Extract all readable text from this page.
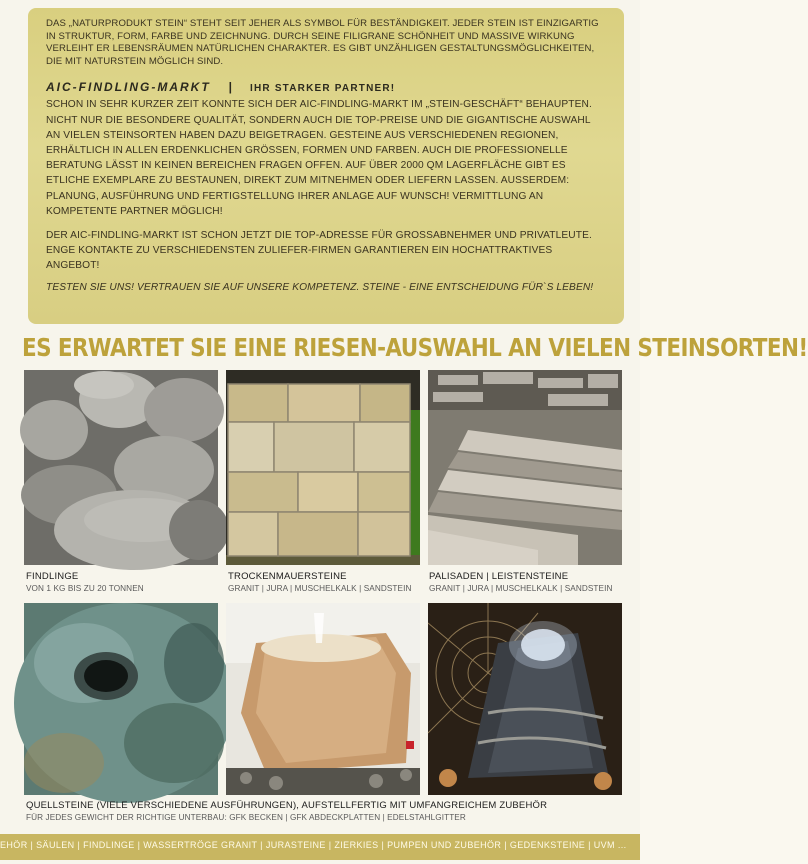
DAS „NATURPRODUKT STEIN“ STEHT SEIT JEHER ALS SYMBOL FÜR BESTÄNDIGKEIT. JEDER STEIN IST EINZIGARTIG IN STRUKTUR, FORM, FARBE UND ZEICHNUNG. DURCH SEINE FILIGRANE SCHÖNHEIT UND MASSIVE WIRKUNG VERLEIHT ER LEBENSRÄUMEN NATÜRLICHEN CHARAKTER. ES GIBT UNZÄHLIGEN GESTALTUNGSMÖGLICHKEITEN, DIE MIT NATURSTEIN MÖGLICH SIND.

AIC-FINDLING-MARKT | IHR STARKER PARTNER!

SCHON IN SEHR KURZER ZEIT KONNTE SICH DER AIC-FINDLING-MARKT IM „STEIN-GESCHÄFT“ BEHAUPTEN. NICHT NUR DIE BESONDERE QUALITÄT, SONDERN AUCH DIE TOP-PREISE UND DIE GIGANTISCHE AUSWAHL AN VIELEN STEINSORTEN HABEN DAZU BEIGETRAGEN. GESTEINE AUS VERSCHIEDENEN REGIONEN, ERHÄLTLICH IN ALLEN ERDENKLICHEN GRÖSSEN, FORMEN UND FARBEN. AUCH DIE PROFESSIONELLE BERATUNG LÄSST IN KEINEN BEREICHEN FRAGEN OFFEN. AUF ÜBER 2000 QM LAGERFLÄCHE GIBT ES ETLICHE EXEMPLARE ZU BESTAUNEN, DIREKT ZUM MITNEHMEN ODER LIEFERN LASSEN. AUSSERDEM: PLANUNG, AUSFÜHRUNG UND FERTIGSTELLUNG IHRER ANLAGE AUF WUNSCH! VERMITTLUNG AN KOMPETENTE PARTNER MÖGLICH!

DER AIC-FINDLING-MARKT IST SCHON JETZT DIE TOP-ADRESSE FÜR GROSSABNEHMER UND PRIVATLEUTE. ENGE KONTAKTE ZU VERSCHIEDENSTEN ZULIEFER-FIRMEN GARANTIEREN EIN HOCHATTRAKTIVES ANGEBOT!

TESTEN SIE UNS! VERTRAUEN SIE AUF UNSERE KOMPETENZ. STEINE - EINE ENTSCHEIDUNG FÜR`S LEBEN!

ES ERWARTET SIE EINE RIESEN-AUSWAHL AN VIELEN STEINSORTEN!
FINDLINGE
VON 1 KG BIS ZU 20 TONNEN
TROCKENMAUERSTEINE
GRANIT | JURA | MUSCHELKALK | SANDSTEIN
PALISADEN | LEISTENSTEINE
GRANIT | JURA | MUSCHELKALK | SANDSTEIN
QUELLSTEINE (VIELE VERSCHIEDENE AUSFÜHRUNGEN), AUFSTELLFERTIG MIT UMFANGREICHEM ZUBEHÖR
FÜR JEDES GEWICHT DER RICHTIGE UNTERBAU: GFK BECKEN | GFK ABDECKPLATTEN | EDELSTAHLGITTER
EHÖR | SÄULEN | FINDLINGE | WASSERTRÖGE GRANIT | JURASTEINE | ZIERKIES | PUMPEN UND ZUBEHÖR | GEDENKSTEINE | UVM ...
